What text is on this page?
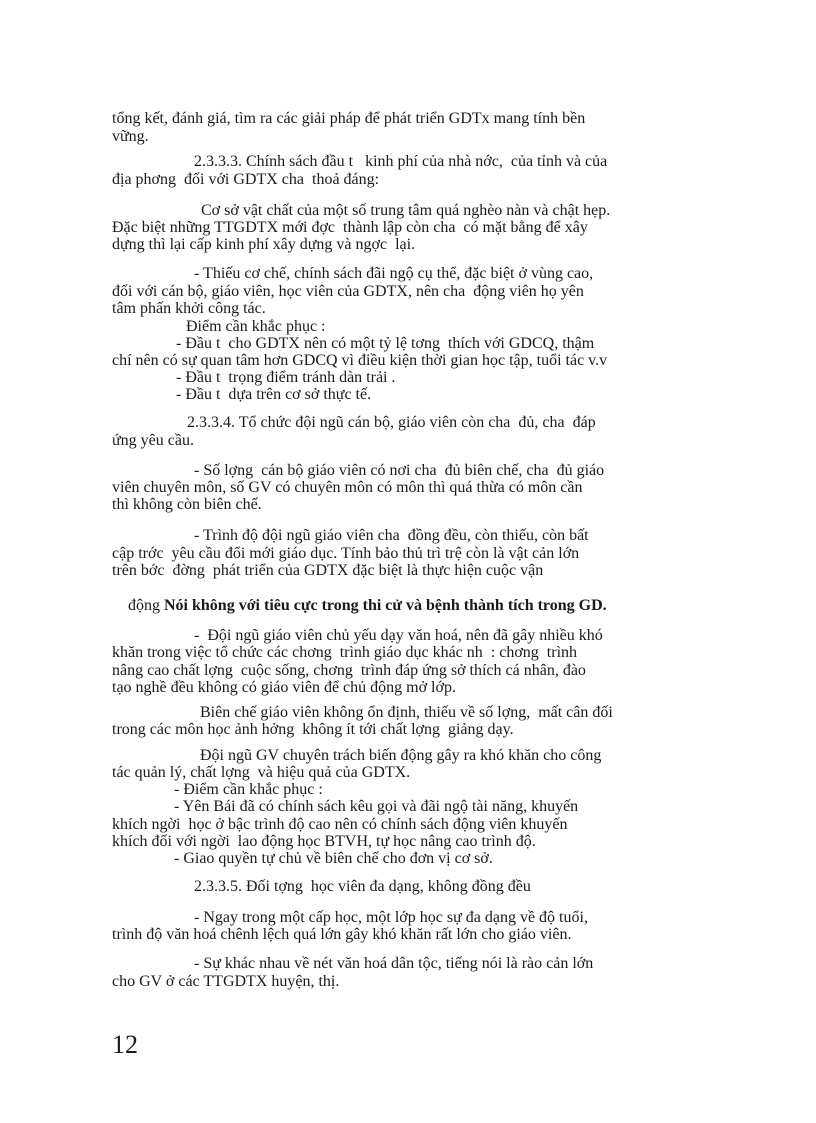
tổng kết, đánh giá, tìm ra các giải pháp để phát triển GDTx mang tính bền
vững.
2.3.3.3. Chính sách đầu t   kinh phí của nhà nớc,  của tỉnh và của
địa phơng  đối với GDTX cha  thoả đáng:
Cơ sở vật chất của một số trung tâm quá nghèo nàn và chật hẹp.
Đặc biệt những TTGDTX mới đợc  thành lập còn cha  có mặt bằng để xây
dựng thì lại cấp kinh phí xây dựng và ngợc  lại.
- Thiếu cơ chế, chính sách đãi ngộ cụ thể, đặc biệt ở vùng cao,
đối với cán bộ, giáo viên, học viên của GDTX, nên cha  động viên họ yên
tâm phấn khởi công tác.
Điểm cần khắc phục :
- Đầu t  cho GDTX nên có một tỷ lệ tơng  thích với GDCQ, thậm
chí nên có sự quan tâm hơn GDCQ vì điều kiện thời gian học tập, tuổi tác v.v
- Đầu t  trọng điểm tránh dàn trải .
- Đầu t  dựa trên cơ sở thực tế.
2.3.3.4. Tổ chức đội ngũ cán bộ, giáo viên còn cha  đủ, cha  đáp
ứng yêu cầu.
- Số lợng  cán bộ giáo viên có nơi cha  đủ biên chế, cha  đủ giáo
viên chuyên môn, số GV có chuyên môn có môn thì quá thừa có môn cần
thì không còn biên chế.
- Trình độ đội ngũ giáo viên cha  đồng đều, còn thiếu, còn bất
cập trớc  yêu cầu đổi mới giáo dục. Tính bảo thủ trì trệ còn là vật cản lớn
trên bớc  đờng  phát triển của GDTX đặc biệt là thực hiện cuộc vận

động Nói không với tiêu cực trong thi cử và bệnh thành tích trong GD.

-  Đội ngũ giáo viên chủ yếu dạy văn hoá, nên đã gây nhiều khó
khăn trong việc tổ chức các chơng  trình giáo dục khác nh  : chơng  trình
nâng cao chất lợng  cuộc sống, chơng  trình đáp ứng sở thích cá nhân, đào
tạo nghề đều không có giáo viên để chủ động mở lớp.
Biên chế giáo viên không ổn định, thiếu về số lợng,  mất cân đối
trong các môn học ảnh hởng  không ít tới chất lợng  giảng dạy.
Đội ngũ GV chuyên trách biến động gây ra khó khăn cho công
tác quản lý, chất lợng  và hiệu quả của GDTX.
- Điểm cần khắc phục :
- Yên Bái đã có chính sách kêu gọi và đãi ngộ tài năng, khuyến
khích ngời  học ở bậc trình độ cao nên có chính sách động viên khuyến
khích đối với ngời  lao động học BTVH, tự học nâng cao trình độ.
- Giao quyền tự chủ về biên chế cho đơn vị cơ sở.
2.3.3.5. Đối tợng  học viên đa dạng, không đồng đều
- Ngay trong một cấp học, một lớp học sự đa dạng về độ tuổi,
trình độ văn hoá chênh lệch quá lớn gây khó khăn rất lớn cho giáo viên.
- Sự khác nhau về nét văn hoá dân tộc, tiếng nói là rào cản lớn
cho GV ở các TTGDTX huyện, thị.
12
